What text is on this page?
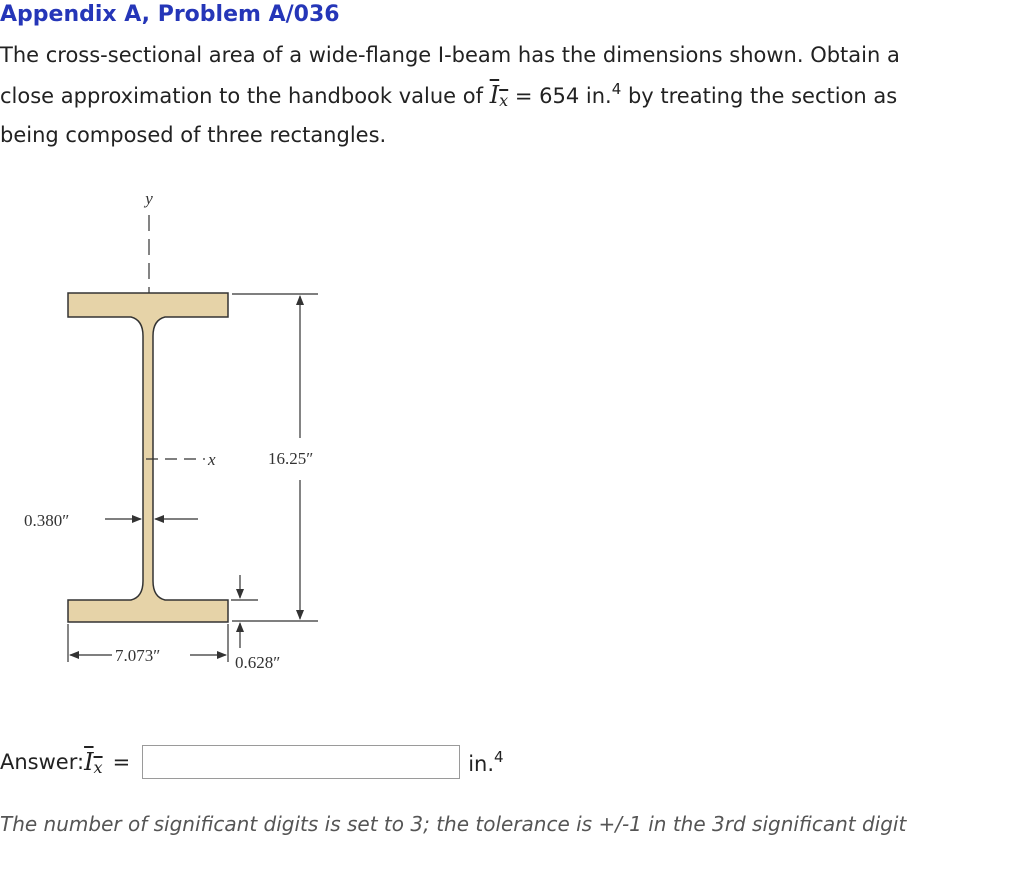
Appendix A, Problem A/036
The cross-sectional area of a wide-flange I-beam has the dimensions shown. Obtain a
close approximation to the handbook value of $I_x = 654$ in.$^4$ by treating the section as
being composed of three rectangles.
y
x	16.25″
0.380″
0.628″
7.073″
Answer: $I_x$ =	in.$^4$
The number of significant digits is set to 3; the tolerance is +/-1 in the 3rd significant digit
